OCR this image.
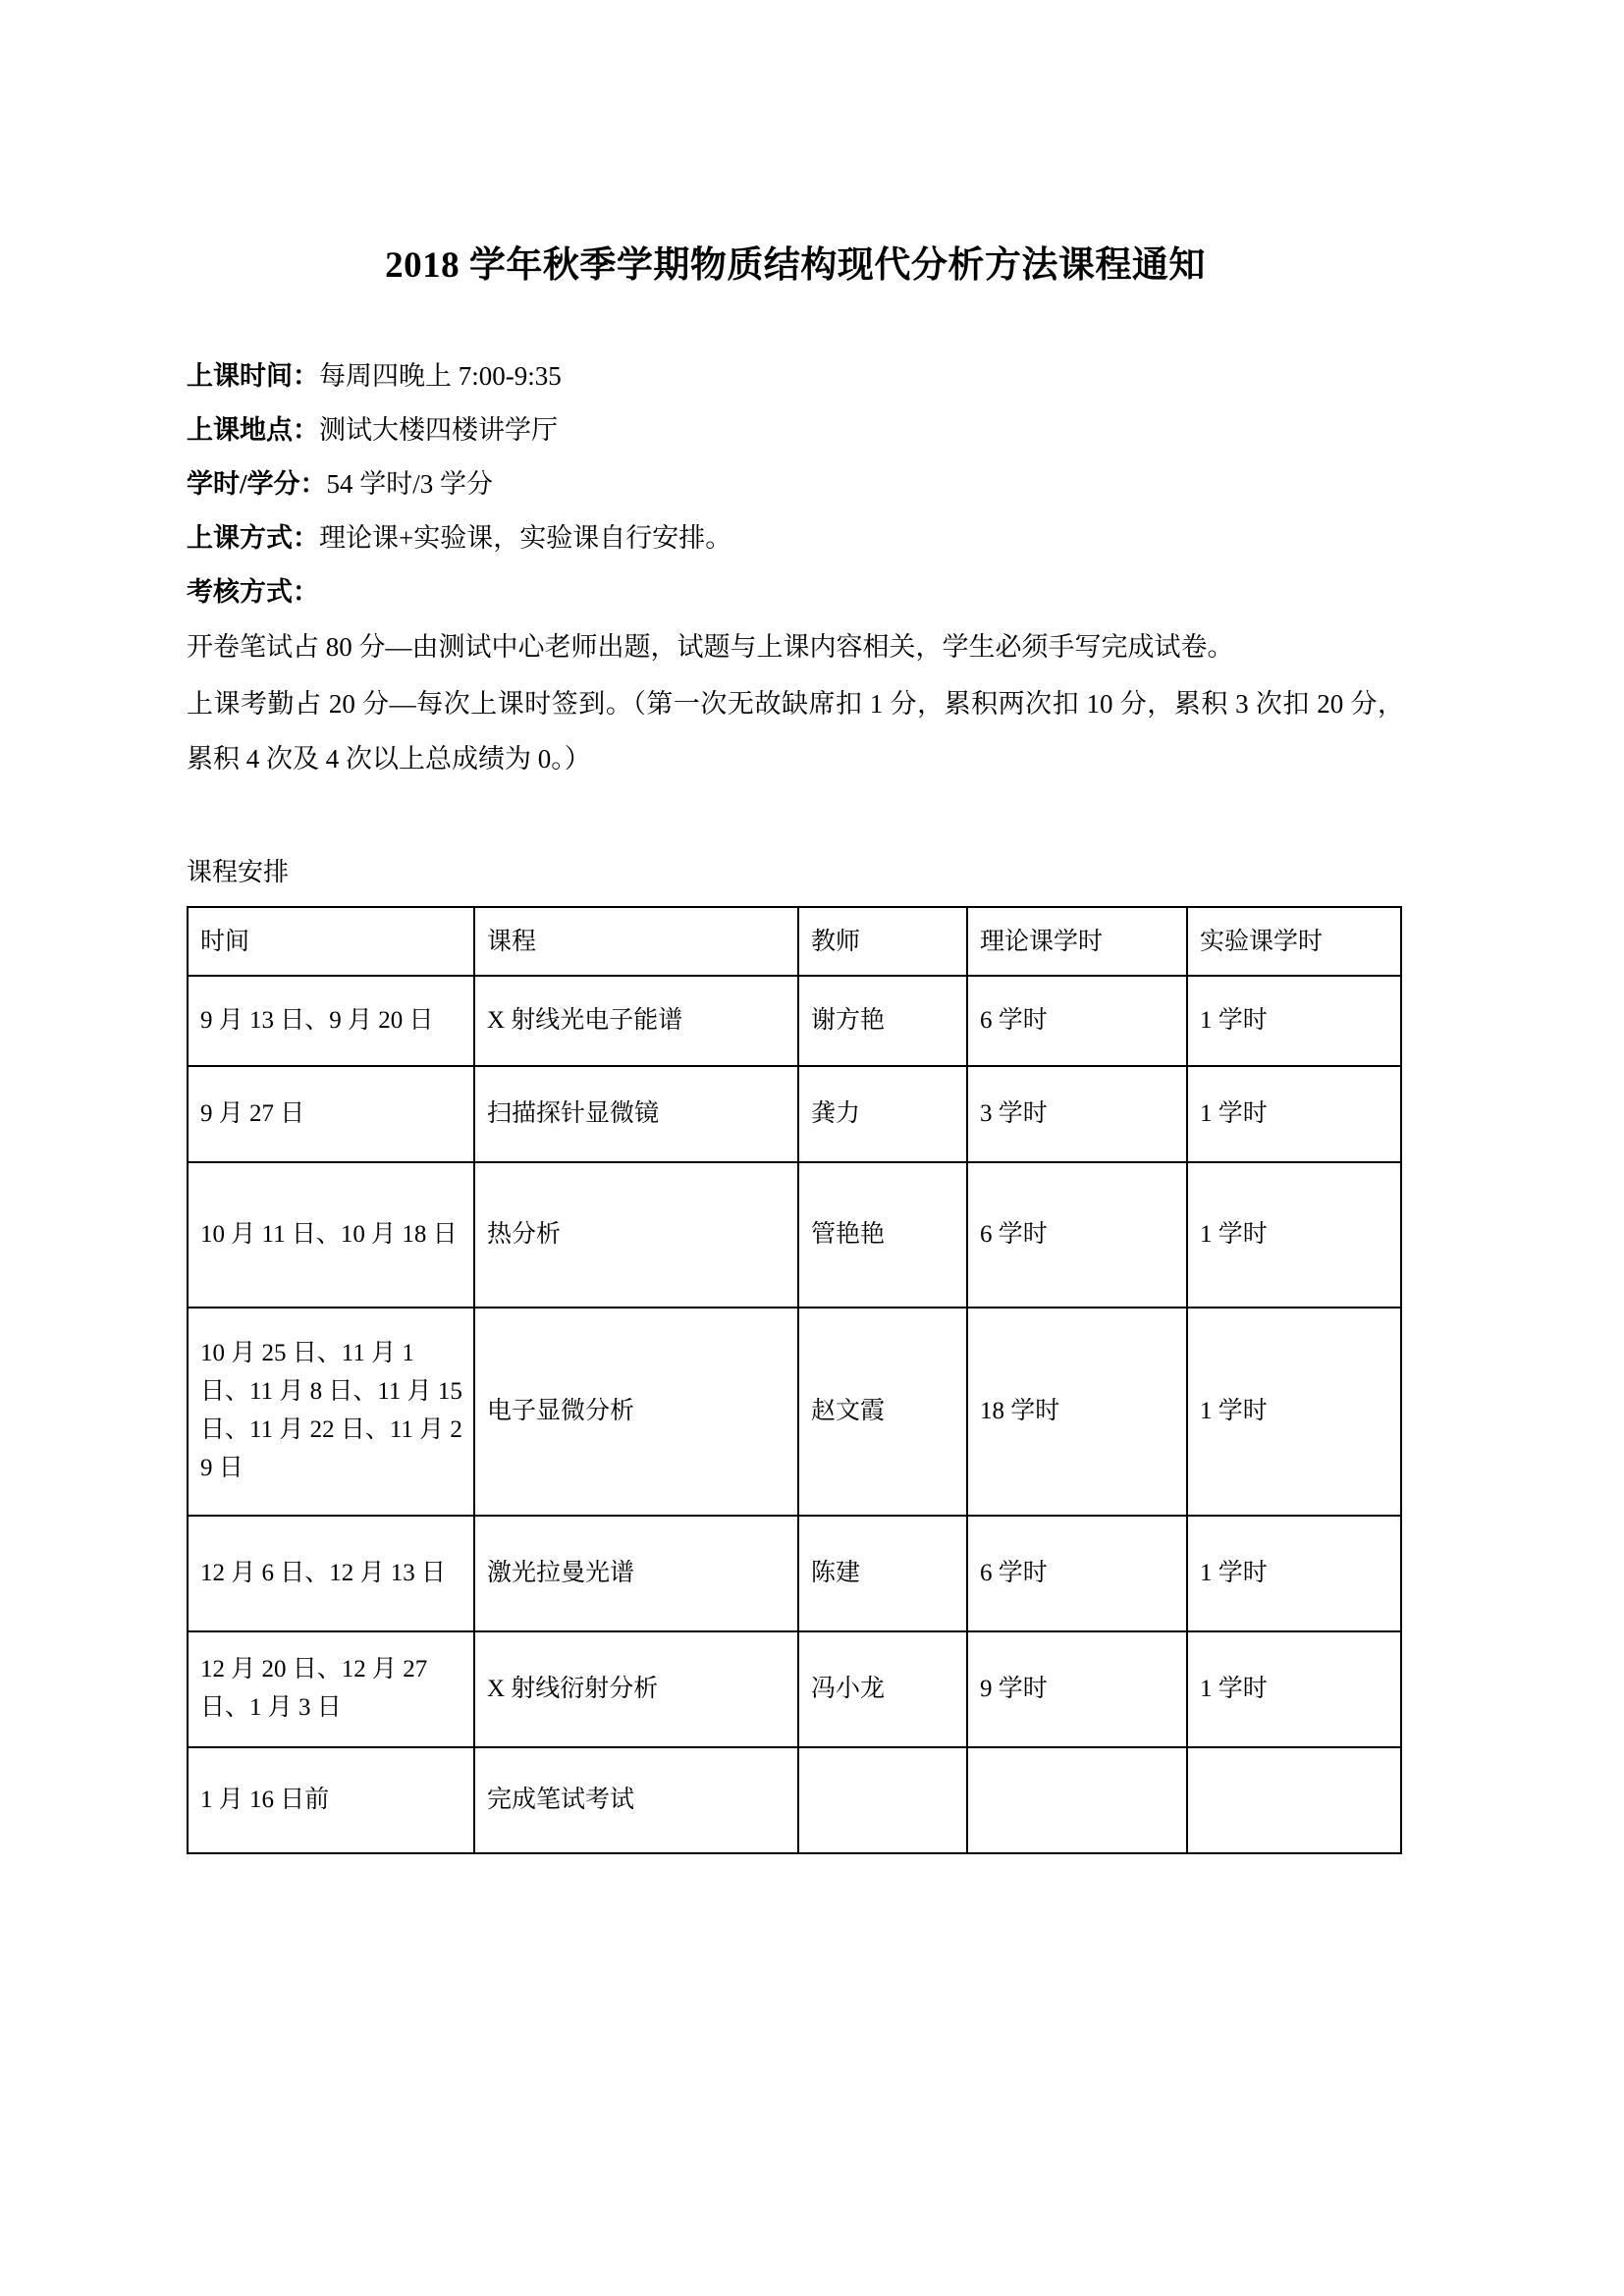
2018 学年秋季学期物质结构现代分析方法课程通知
上课时间：每周四晚上 7:00-9:35
上课地点：测试大楼四楼讲学厅
学时/学分：54 学时/3 学分
上课方式：理论课+实验课，实验课自行安排。
考核方式：

开卷笔试占 80 分—由测试中心老师出题，试题与上课内容相关，学生必须手写完成试卷。

上课考勤占 20 分—每次上课时签到。（第一次无故缺席扣 1 分，累积两次扣 10 分，累积 3 次扣 20 分，累积 4 次及 4 次以上总成绩为 0。）

课程安排
时间	课程	教师	理论课学时	实验课学时
9 月 13 日、9 月 20 日	X 射线光电子能谱	谢方艳	6 学时	1 学时
9 月 27 日	扫描探针显微镜	龚力	3 学时	1 学时
10 月 11 日、10 月 18 日	热分析	管艳艳	6 学时	1 学时
10 月 25 日、11 月 1 日、11 月 8 日、11 月 15 日、11 月 22 日、11 月 29 日	电子显微分析	赵文霞	18 学时	1 学时
12 月 6 日、12 月 13 日	激光拉曼光谱	陈建	6 学时	1 学时
12 月 20 日、12 月 27 日、1 月 3 日	X 射线衍射分析	冯小龙	9 学时	1 学时
1 月 16 日前	完成笔试考试			
